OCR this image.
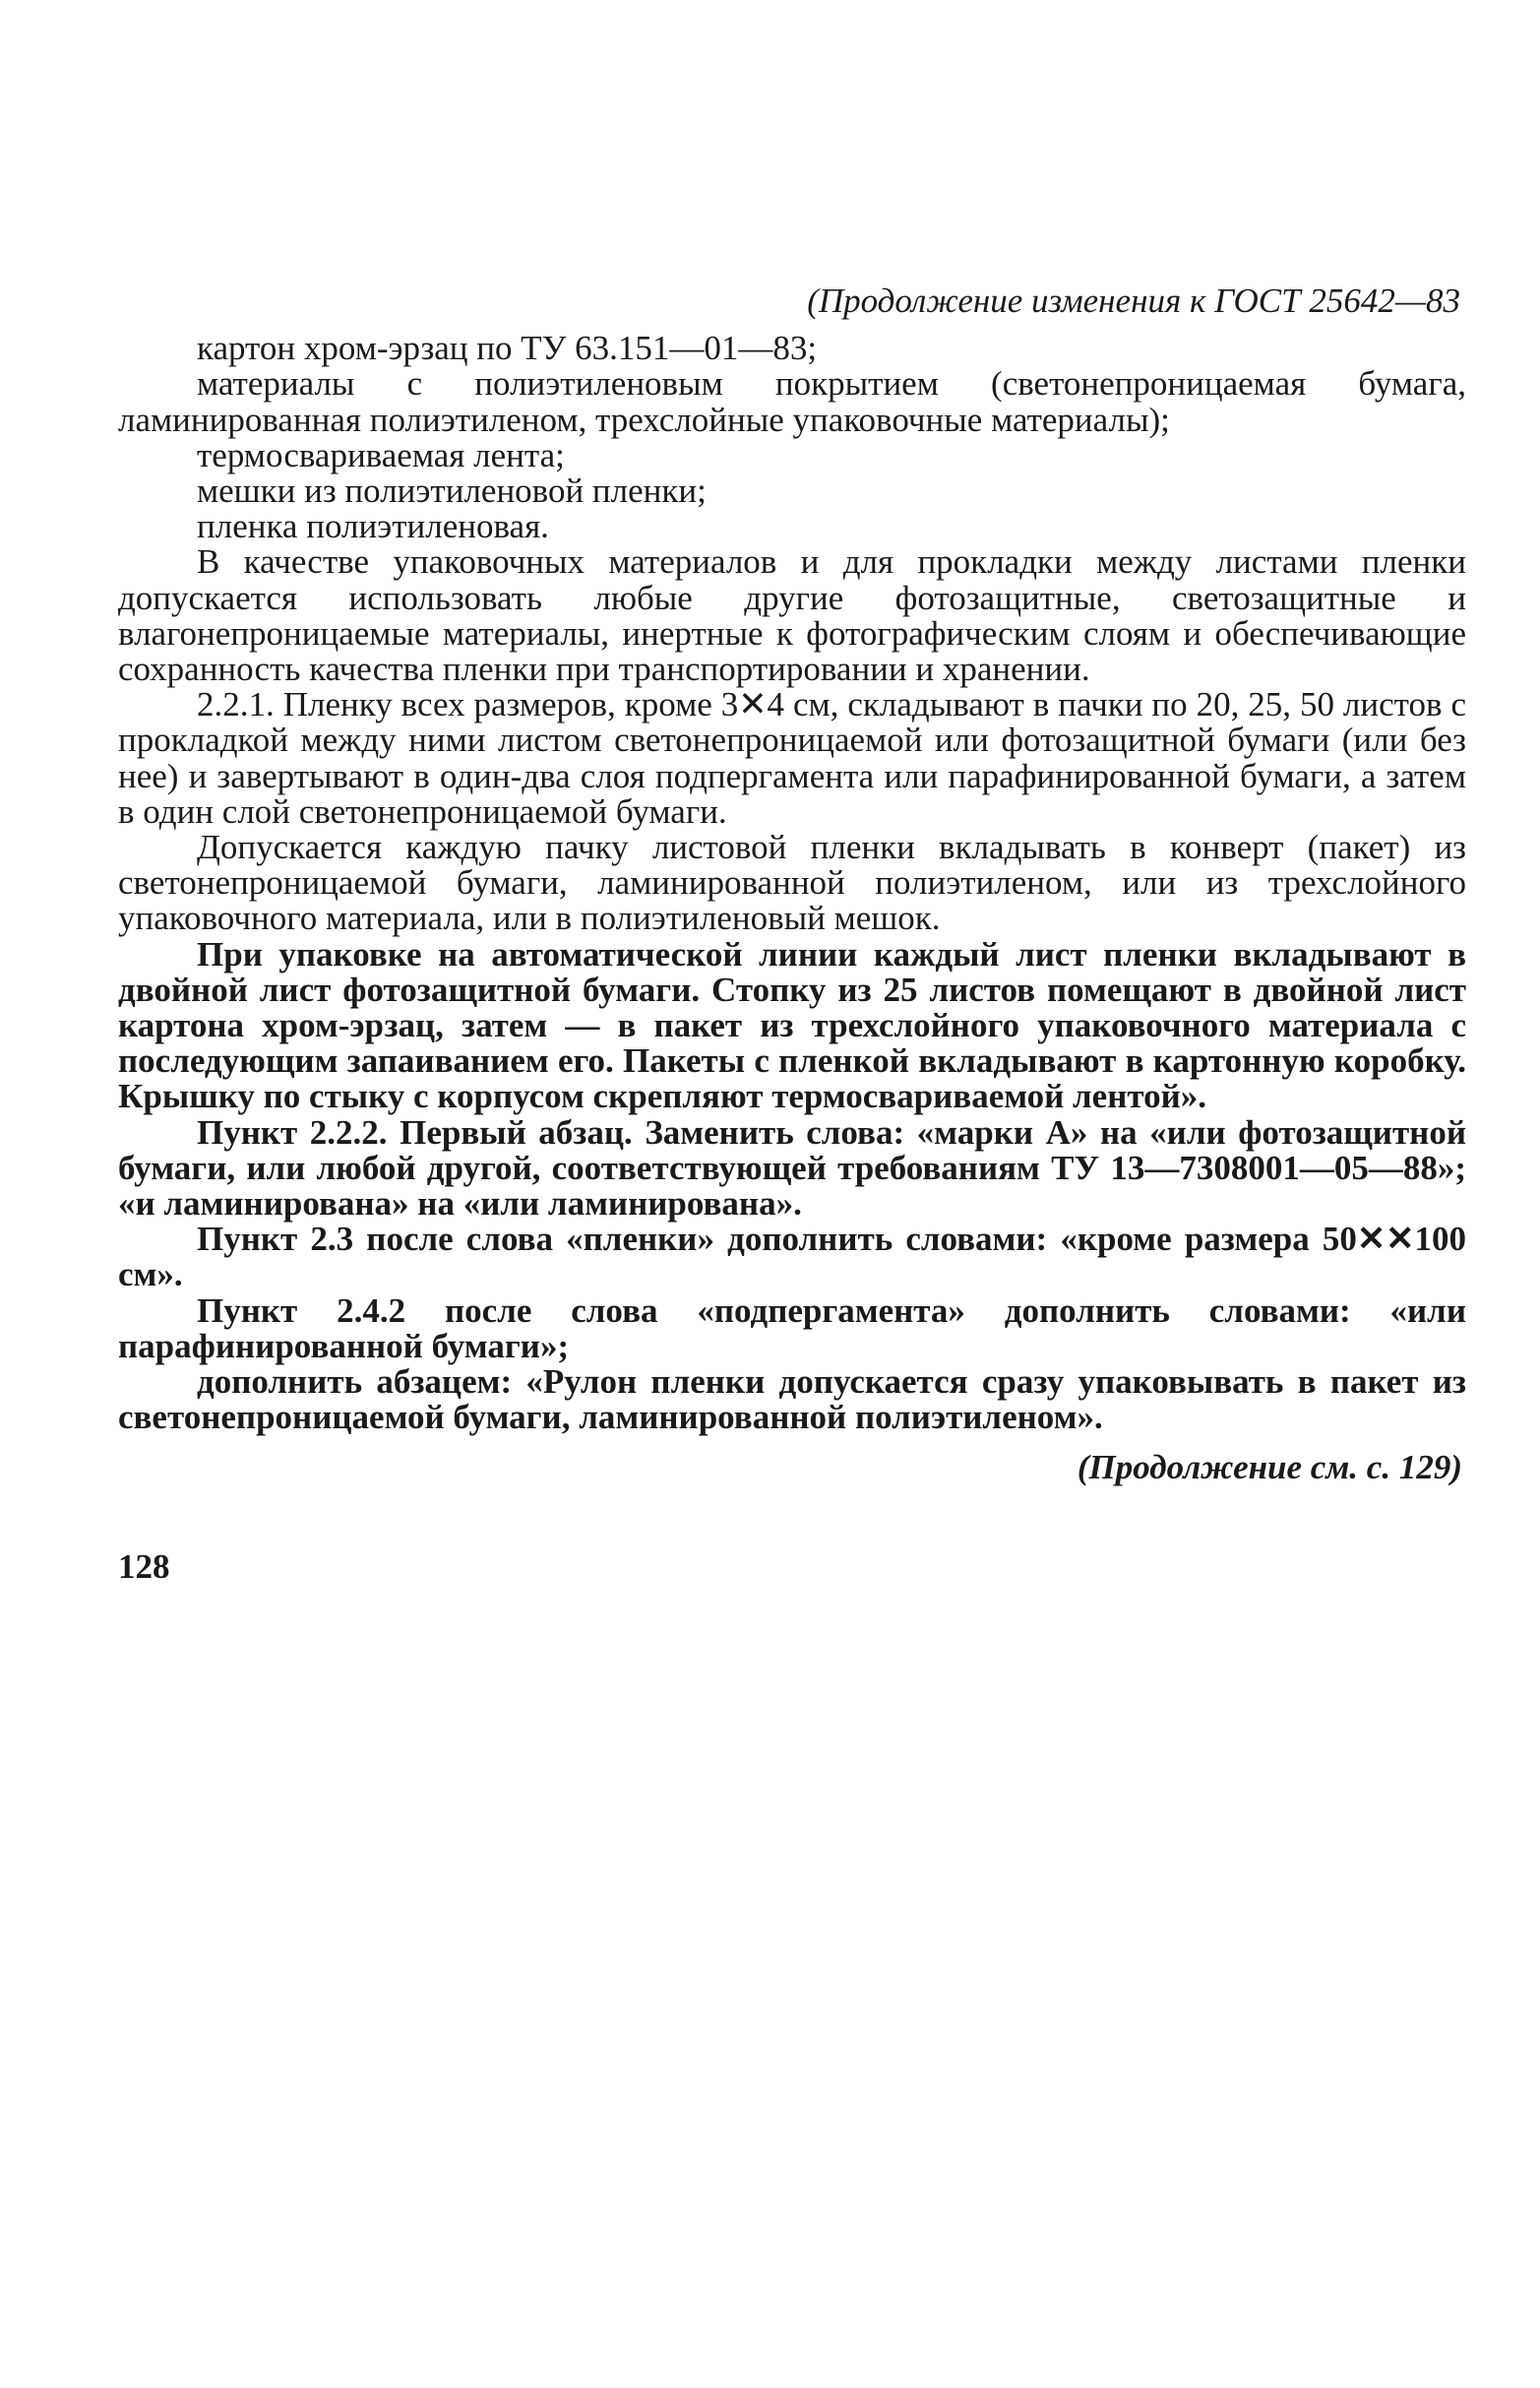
(Продолжение изменения к ГОСТ 25642—83

картон хром-эрзац по ТУ 63.151—01—83;

материалы с полиэтиленовым покрытием (светонепроницаемая бумага, ламинированная полиэтиленом, трехслойные упаковочные материалы);

термосвариваемая лента;

мешки из полиэтиленовой пленки;

пленка полиэтиленовая.

В качестве упаковочных материалов и для прокладки между листами пленки допускается использовать любые другие фотозащитные, светозащитные и влагонепроницаемые материалы, инертные к фотографическим слоям и обеспечивающие сохранность качества пленки при транспортировании и хранении.

2.2.1. Пленку всех размеров, кроме 3✕4 см, складывают в пачки по 20, 25, 50 листов с прокладкой между ними листом светонепроницаемой или фотозащитной бумаги (или без нее) и завертывают в один-два слоя подпергамента или парафинированной бумаги, а затем в один слой светонепроницаемой бумаги.

Допускается каждую пачку листовой пленки вкладывать в конверт (пакет) из светонепроницаемой бумаги, ламинированной полиэтиленом, или из трехслойного упаковочного материала, или в полиэтиленовый мешок.

При упаковке на автоматической линии каждый лист пленки вкладывают в двойной лист фотозащитной бумаги. Стопку из 25 листов помещают в двойной лист картона хром-эрзац, затем — в пакет из трехслойного упаковочного материала с последующим запаиванием его. Пакеты с пленкой вкладывают в картонную коробку. Крышку по стыку с корпусом скрепляют термосвариваемой лентой».

Пункт 2.2.2. Первый абзац. Заменить слова: «марки А» на «или фотозащитной бумаги, или любой другой, соответствующей требованиям ТУ 13—7308001—05—88»; «и ламинирована» на «или ламинирована».

Пункт 2.3 после слова «пленки» дополнить словами: «кроме размера 50✕✕100 см».

Пункт 2.4.2 после слова «подпергамента» дополнить словами: «или парафинированной бумаги»;

дополнить абзацем: «Рулон пленки допускается сразу упаковывать в пакет из светонепроницаемой бумаги, ламинированной полиэтиленом».

(Продолжение см. с. 129)

128
